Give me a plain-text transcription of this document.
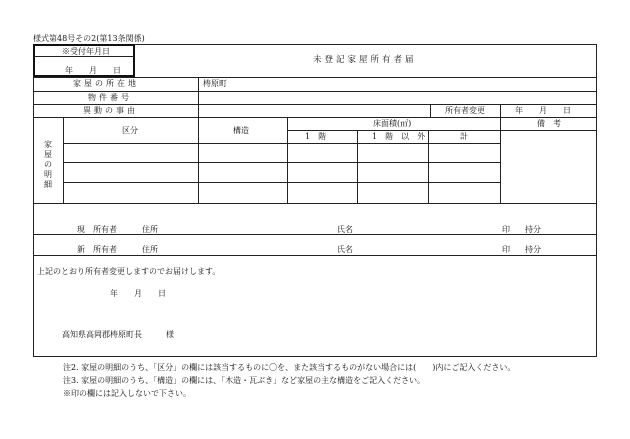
様式第48号その2(第13条関係)
※受付年月日
年　　月　　日
未登記家屋所有者届
家屋の所在地	梼原町
物件番号
異動の事由	所有者変更	年　　月　　日
家
屋
の
明
細
区分	構造
床面積(㎡)
1　階	1　階　以　外	計
備　考
現　所有者	住所	氏名	印 持分
新　所有者	住所	氏名	印 持分
上記のとおり所有者変更しますのでお届けします。
年　　月　　日
高知県高岡郡梼原町長	様
注2. 家屋の明細のうち、「区分」の欄には該当するものに〇を、また該当するものがない場合には(　　)内にご記入ください。
注3. 家屋の明細のうち、「構造」の欄には、「木造・瓦ぶき」など家屋の主な構造をご記入ください。
※印の欄には記入しないで下さい。
